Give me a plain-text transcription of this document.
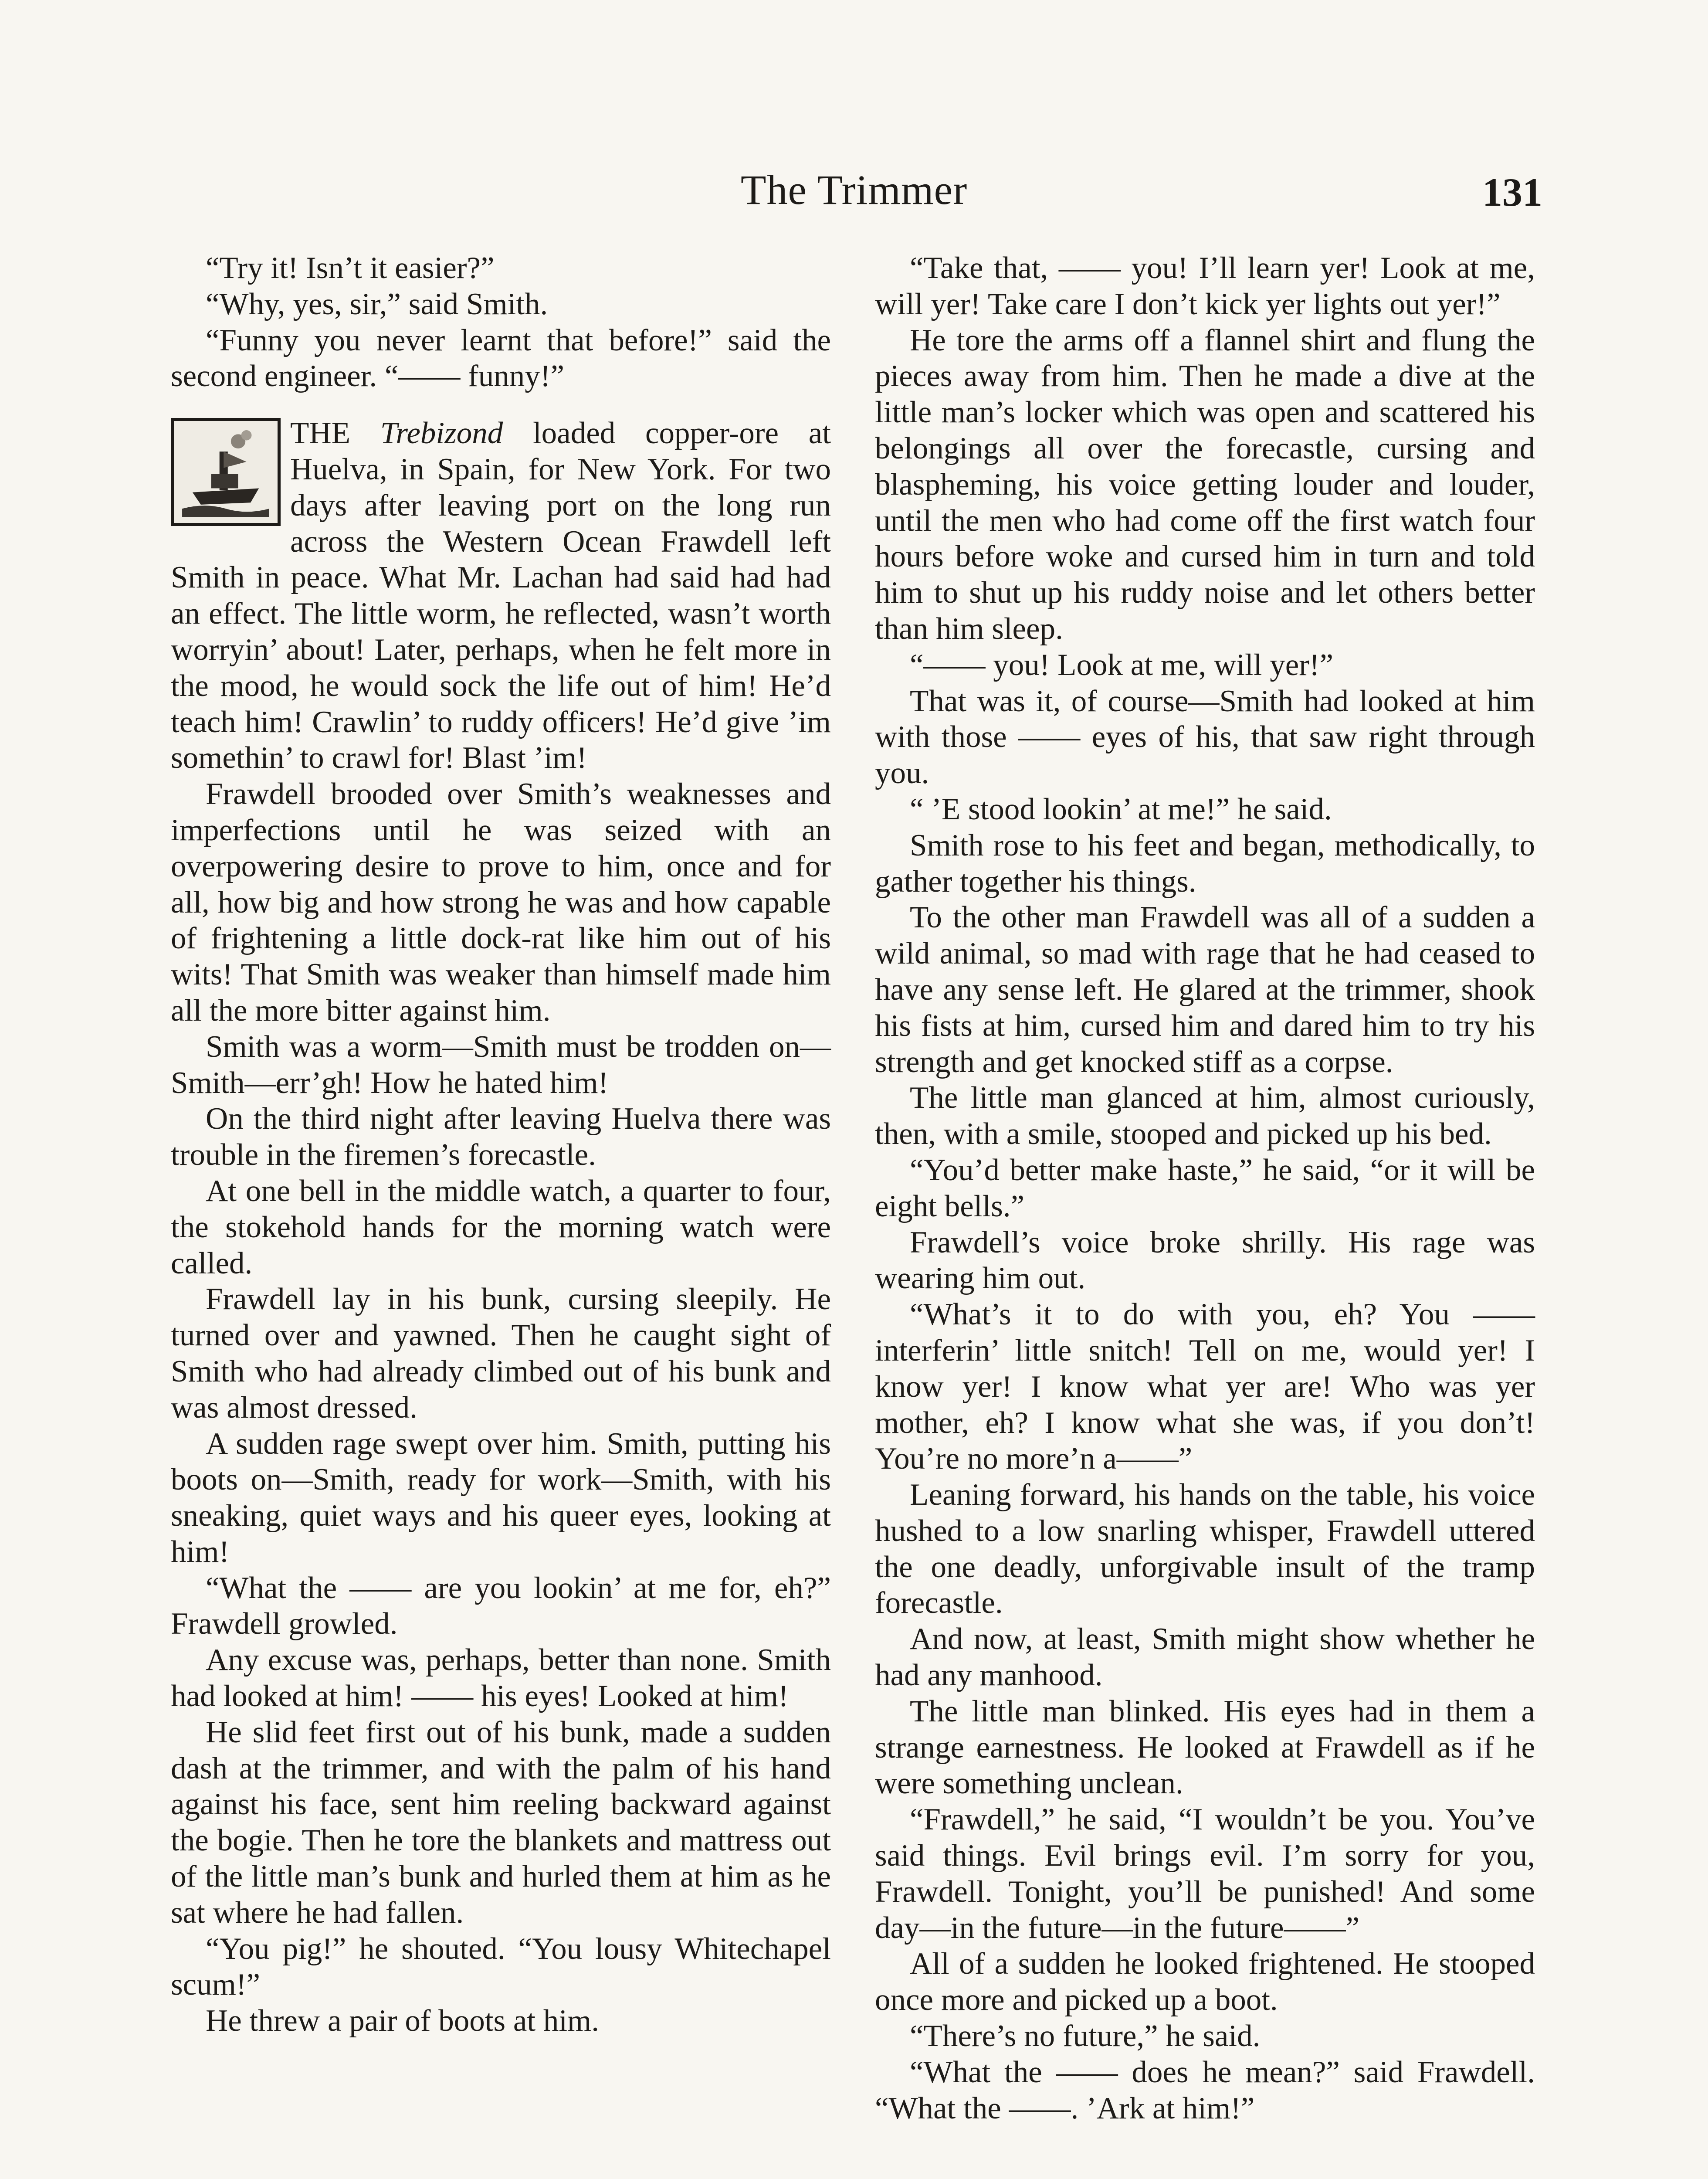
The Trimmer	131

“Try it! Isn’t it easier?”

“Why, yes, sir,” said Smith.

“Funny you never learnt that before!” said the second engineer. “—— funny!”

THE Trebizond loaded copper-ore at Huelva, in Spain, for New York. For two days after leaving port on the long run across the Western Ocean Frawdell left Smith in peace. What Mr. Lachan had said had had an effect. The little worm, he reflected, wasn’t worth worryin’ about! Later, perhaps, when he felt more in the mood, he would sock the life out of him! He’d teach him! Crawlin’ to ruddy officers! He’d give ’im somethin’ to crawl for! Blast ’im!

Frawdell brooded over Smith’s weaknesses and imperfections until he was seized with an overpowering desire to prove to him, once and for all, how big and how strong he was and how capable of frightening a little dock-rat like him out of his wits! That Smith was weaker than himself made him all the more bitter against him.

Smith was a worm—Smith must be trodden on—Smith—err’gh! How he hated him!

On the third night after leaving Huelva there was trouble in the firemen’s forecastle.

At one bell in the middle watch, a quarter to four, the stokehold hands for the morning watch were called.

Frawdell lay in his bunk, cursing sleepily. He turned over and yawned. Then he caught sight of Smith who had already climbed out of his bunk and was almost dressed.

A sudden rage swept over him. Smith, putting his boots on—Smith, ready for work—Smith, with his sneaking, quiet ways and his queer eyes, looking at him!

“What the —— are you lookin’ at me for, eh?” Frawdell growled.

Any excuse was, perhaps, better than none. Smith had looked at him! —— his eyes! Looked at him!

He slid feet first out of his bunk, made a sudden dash at the trimmer, and with the palm of his hand against his face, sent him reeling backward against the bogie. Then he tore the blankets and mattress out of the little man’s bunk and hurled them at him as he sat where he had fallen.

“You pig!” he shouted. “You lousy Whitechapel scum!”

He threw a pair of boots at him.

“Take that, —— you! I’ll learn yer! Look at me, will yer! Take care I don’t kick yer lights out yer!”

He tore the arms off a flannel shirt and flung the pieces away from him. Then he made a dive at the little man’s locker which was open and scattered his belongings all over the forecastle, cursing and blaspheming, his voice getting louder and louder, until the men who had come off the first watch four hours before woke and cursed him in turn and told him to shut up his ruddy noise and let others better than him sleep.

“—— you! Look at me, will yer!”

That was it, of course—Smith had looked at him with those —— eyes of his, that saw right through you.

“ ’E stood lookin’ at me!” he said.

Smith rose to his feet and began, methodically, to gather together his things.

To the other man Frawdell was all of a sudden a wild animal, so mad with rage that he had ceased to have any sense left. He glared at the trimmer, shook his fists at him, cursed him and dared him to try his strength and get knocked stiff as a corpse.

The little man glanced at him, almost curiously, then, with a smile, stooped and picked up his bed.

“You’d better make haste,” he said, “or it will be eight bells.”

Frawdell’s voice broke shrilly. His rage was wearing him out.

“What’s it to do with you, eh? You —— interferin’ little snitch! Tell on me, would yer! I know yer! I know what yer are! Who was yer mother, eh? I know what she was, if you don’t! You’re no more’n a——”

Leaning forward, his hands on the table, his voice hushed to a low snarling whisper, Frawdell uttered the one deadly, unforgivable insult of the tramp forecastle.

And now, at least, Smith might show whether he had any manhood.

The little man blinked. His eyes had in them a strange earnestness. He looked at Frawdell as if he were something unclean.

“Frawdell,” he said, “I wouldn’t be you. You’ve said things. Evil brings evil. I’m sorry for you, Frawdell. Tonight, you’ll be punished! And some day—in the future—in the future——”

All of a sudden he looked frightened. He stooped once more and picked up a boot.

“There’s no future,” he said.

“What the —— does he mean?” said Frawdell. “What the ——. ’Ark at him!”
